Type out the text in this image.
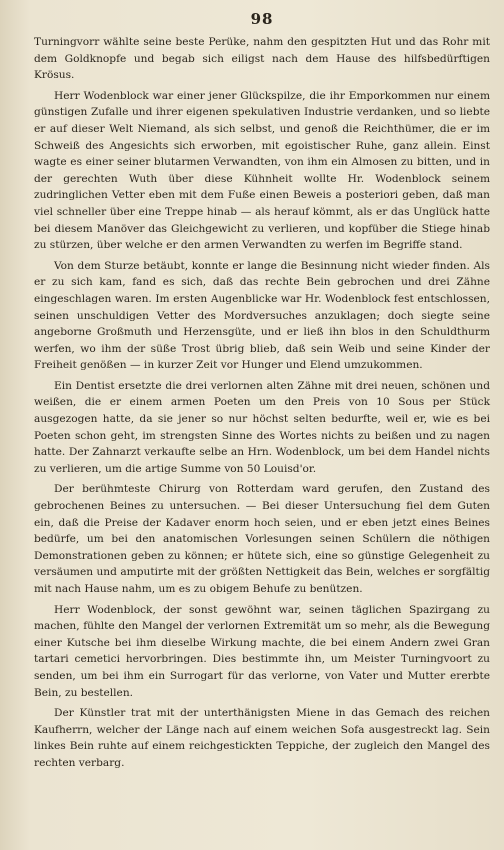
98

Turningvorr wählte seine beste Perüke, nahm den gespitzten Hut und das Rohr mit dem Goldknopfe und begab sich eiligst nach dem Hause des hilfsbedürftigen Krösus.

Herr Wodenblock war einer jener Glückspilze, die ihr Emporkommen nur einem günstigen Zufalle und ihrer eigenen spekulativen Industrie verdanken, und so liebte er auf dieser Welt Niemand, als sich selbst, und genoß die Reichthümer, die er im Schweiß des Angesichts sich erworben, mit egoistischer Ruhe, ganz allein. Einst wagte es einer seiner blutarmen Verwandten, von ihm ein Almosen zu bitten, und in der gerechten Wuth über diese Kühnheit wollte Hr. Wodenblock seinem zudringlichen Vetter eben mit dem Fuße einen Beweis a posteriori geben, daß man viel schneller über eine Treppe hinab — als herauf kömmt, als er das Unglück hatte bei diesem Manöver das Gleichgewicht zu verlieren, und kopfüber die Stiege hinab zu stürzen, über welche er den armen Verwandten zu werfen im Begriffe stand.

Von dem Sturze betäubt, konnte er lange die Besinnung nicht wieder finden. Als er zu sich kam, fand es sich, daß das rechte Bein gebrochen und drei Zähne eingeschlagen waren. Im ersten Augenblicke war Hr. Wodenblock fest entschlossen, seinen unschuldigen Vetter des Mordversuches anzuklagen; doch siegte seine angeborne Großmuth und Herzensgüte, und er ließ ihn blos in den Schuldthurm werfen, wo ihm der süße Trost übrig blieb, daß sein Weib und seine Kinder der Freiheit genößen — in kurzer Zeit vor Hunger und Elend umzukommen.

Ein Dentist ersetzte die drei verlornen alten Zähne mit drei neuen, schönen und weißen, die er einem armen Poeten um den Preis von 10 Sous per Stück ausgezogen hatte, da sie jener so nur höchst selten bedurfte, weil er, wie es bei Poeten schon geht, im strengsten Sinne des Wortes nichts zu beißen und zu nagen hatte. Der Zahnarzt verkaufte selbe an Hrn. Wodenblock, um bei dem Handel nichts zu verlieren, um die artige Summe von 50 Louisd'or.

Der berühmteste Chirurg von Rotterdam ward gerufen, den Zustand des gebrochenen Beines zu untersuchen. — Bei dieser Untersuchung fiel dem Guten ein, daß die Preise der Kadaver enorm hoch seien, und er eben jetzt eines Beines bedürfe, um bei den anatomischen Vorlesungen seinen Schülern die nöthigen Demonstrationen geben zu können; er hütete sich, eine so günstige Gelegenheit zu versäumen und amputirte mit der größten Nettigkeit das Bein, welches er sorgfältig mit nach Hause nahm, um es zu obigem Behufe zu benützen.

Herr Wodenblock, der sonst gewöhnt war, seinen täglichen Spazirgang zu machen, fühlte den Mangel der verlornen Extremität um so mehr, als die Bewegung einer Kutsche bei ihm dieselbe Wirkung machte, die bei einem Andern zwei Gran tartari cemetici hervorbringen. Dies bestimmte ihn, um Meister Turningvoort zu senden, um bei ihm ein Surrogart für das verlorne, von Vater und Mutter ererbte Bein, zu bestellen.

Der Künstler trat mit der unterthänigsten Miene in das Gemach des reichen Kaufherrn, welcher der Länge nach auf einem weichen Sofa ausgestreckt lag. Sein linkes Bein ruhte auf einem reichgestickten Teppiche, der zugleich den Mangel des rechten verbarg.
